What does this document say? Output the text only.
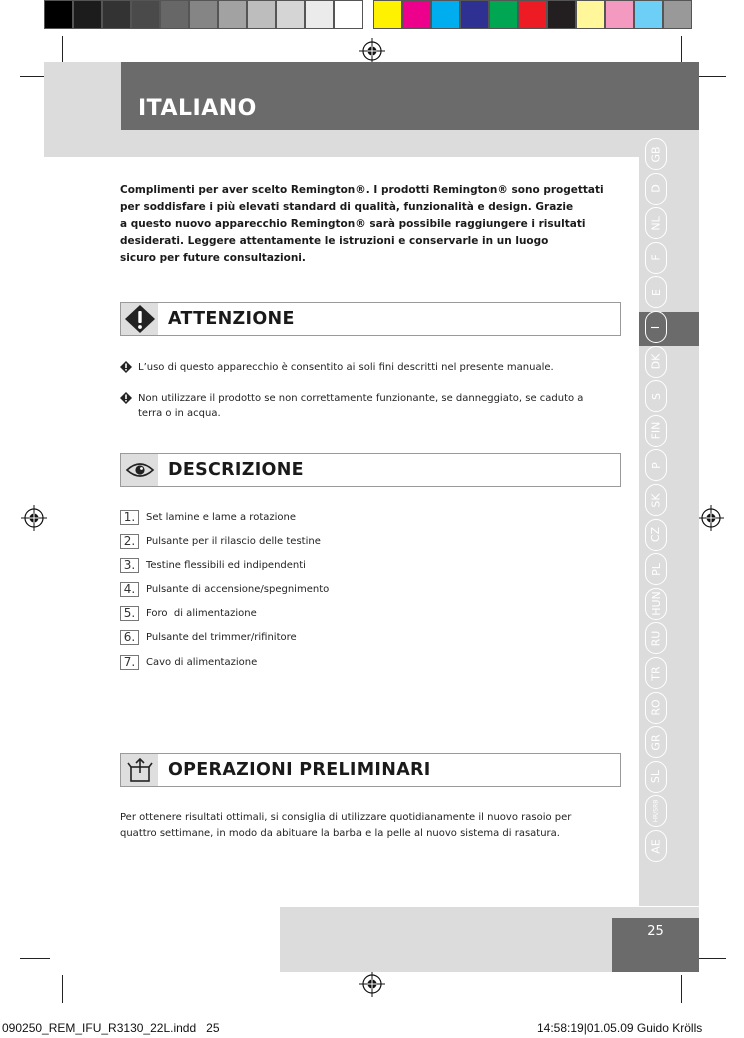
ITALIANO
GB
D
NL
F
E
I
DK
S
FIN
P
SK
CZ
PL
HUN
RU
TR
RO
GR
SL
HR/SRB
AE
Complimenti per aver scelto Remington®. I prodotti Remington® sono progettati
per soddisfare i più elevati standard di qualità, funzionalità e design. Grazie
a questo nuovo apparecchio Remington® sarà possibile raggiungere i risultati
desiderati. Leggere attentamente le istruzioni e conservarle in un luogo
sicuro per future consultazioni.
ATTENZIONE
L’uso di questo apparecchio è consentito ai soli fini descritti nel presente manuale.
Non utilizzare il prodotto se non correttamente funzionante, se danneggiato, se caduto a terra o in acqua.
DESCRIZIONE
1.	Set lamine e lame a rotazione
2.	Pulsante per il rilascio delle testine
3.	Testine flessibili ed indipendenti
4.	Pulsante di accensione/spegnimento
5.	Foro  di alimentazione
6.	Pulsante del trimmer/rifinitore
7.	Cavo di alimentazione
OPERAZIONI PRELIMINARI
Per ottenere risultati ottimali, si consiglia di utilizzare quotidianamente il nuovo rasoio per quattro settimane, in modo da abituare la barba e la pelle al nuovo sistema di rasatura.
25
090250_REM_IFU_R3130_22L.indd   25	14:58:19|01.05.09 Guido Krölls
